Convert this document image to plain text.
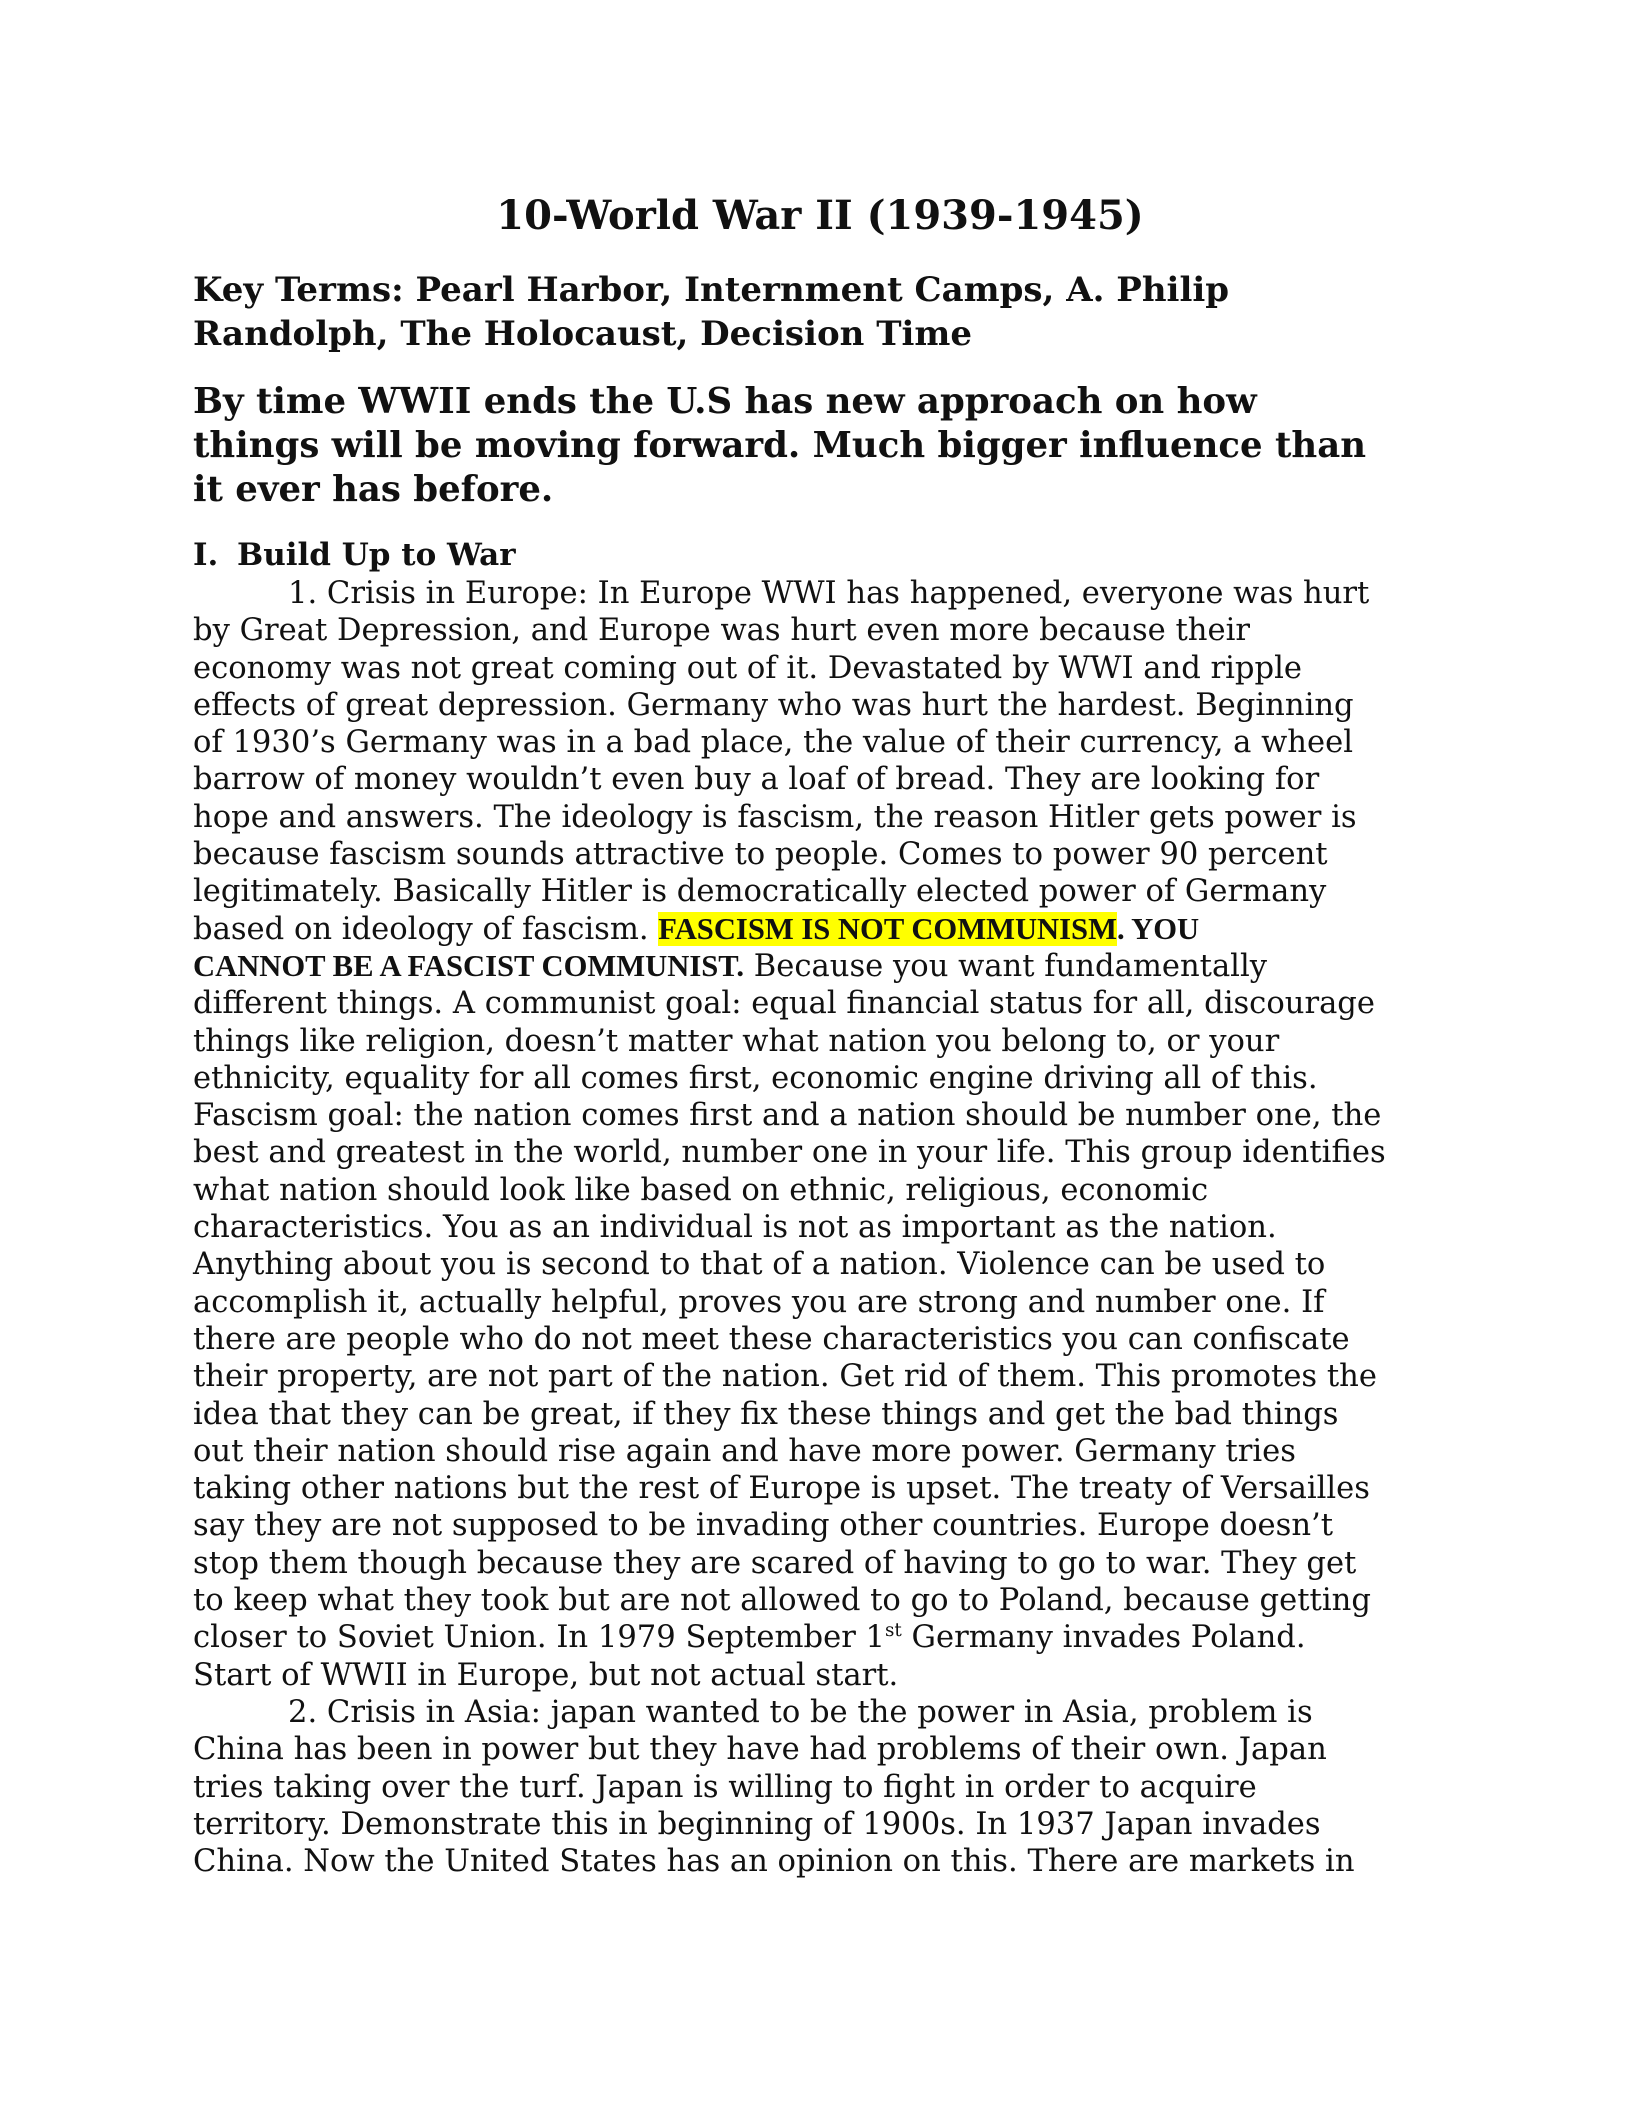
10-World War II (1939-1945)
Key Terms: Pearl Harbor, Internment Camps, A. Philip
Randolph, The Holocaust, Decision Time
By time WWII ends the U.S has new approach on how
things will be moving forward. Much bigger influence than
it ever has before.
I. Build Up to War
1. Crisis in Europe: In Europe WWI has happened, everyone was hurt
by Great Depression, and Europe was hurt even more because their
economy was not great coming out of it. Devastated by WWI and ripple
effects of great depression. Germany who was hurt the hardest. Beginning
of 1930’s Germany was in a bad place, the value of their currency, a wheel
barrow of money wouldn’t even buy a loaf of bread. They are looking for
hope and answers. The ideology is fascism, the reason Hitler gets power is
because fascism sounds attractive to people. Comes to power 90 percent
legitimately. Basically Hitler is democratically elected power of Germany
based on ideology of fascism. FASCISM IS NOT COMMUNISM. YOU
CANNOT BE A FASCIST COMMUNIST. Because you want fundamentally
different things. A communist goal: equal financial status for all, discourage
things like religion, doesn’t matter what nation you belong to, or your
ethnicity, equality for all comes first, economic engine driving all of this.
Fascism goal: the nation comes first and a nation should be number one, the
best and greatest in the world, number one in your life. This group identifies
what nation should look like based on ethnic, religious, economic
characteristics. You as an individual is not as important as the nation.
Anything about you is second to that of a nation. Violence can be used to
accomplish it, actually helpful, proves you are strong and number one. If
there are people who do not meet these characteristics you can confiscate
their property, are not part of the nation. Get rid of them. This promotes the
idea that they can be great, if they fix these things and get the bad things
out their nation should rise again and have more power. Germany tries
taking other nations but the rest of Europe is upset. The treaty of Versailles
say they are not supposed to be invading other countries. Europe doesn’t
stop them though because they are scared of having to go to war. They get
to keep what they took but are not allowed to go to Poland, because getting
closer to Soviet Union. In 1979 September 1st Germany invades Poland.
Start of WWII in Europe, but not actual start.
2. Crisis in Asia: japan wanted to be the power in Asia, problem is
China has been in power but they have had problems of their own. Japan
tries taking over the turf. Japan is willing to fight in order to acquire
territory. Demonstrate this in beginning of 1900s. In 1937 Japan invades
China. Now the United States has an opinion on this. There are markets in
